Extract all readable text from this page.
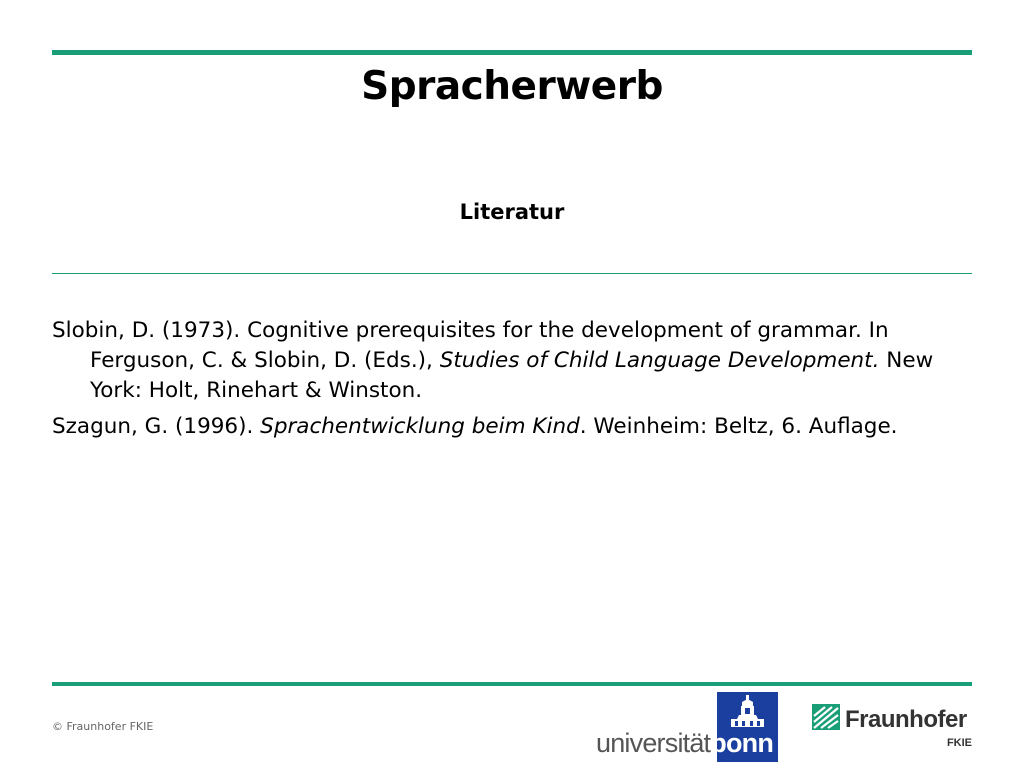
Spracherwerb
Literatur

Slobin, D. (1973). Cognitive prerequisites for the development of grammar. In Ferguson, C. & Slobin, D. (Eds.), Studies of Child Language Development. New York: Holt, Rinehart & Winston.

Szagun, G. (1996). Sprachentwicklung beim Kind. Weinheim: Beltz, 6. Auflage.

© Fraunhofer FKIE
universitätbonn
Fraunhofer
FKIE
